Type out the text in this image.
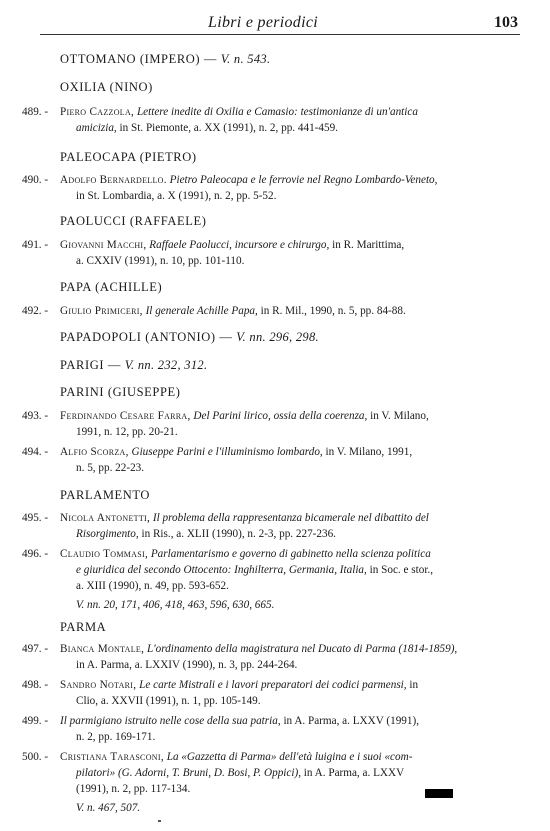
Libri e periodici	103
OTTOMANO (IMPERO) — V. n. 543.
OXILIA (NINO)
489. -	Piero Cazzola, Lettere inedite di Oxilia e Camasio: testimonianze di un'antica
amicizia, in St. Piemonte, a. XX (1991), n. 2, pp. 441-459.
PALEOCAPA (PIETRO)
490. -	Adolfo Bernardello. Pietro Paleocapa e le ferrovie nel Regno Lombardo-Veneto,
in St. Lombardia, a. X (1991), n. 2, pp. 5-52.
PAOLUCCI (RAFFAELE)
491. -	Giovanni Macchi, Raffaele Paolucci, incursore e chirurgo, in R. Marittima,
a. CXXIV (1991), n. 10, pp. 101-110.
PAPA (ACHILLE)
492. -	Giulio Primiceri, Il generale Achille Papa, in R. Mil., 1990, n. 5, pp. 84-88.
PAPADOPOLI (ANTONIO) — V. nn. 296, 298.
PARIGI — V. nn. 232, 312.
PARINI (GIUSEPPE)
493. -	Ferdinando Cesare Farra, Del Parini lirico, ossia della coerenza, in V. Milano,
1991, n. 12, pp. 20-21.
494. -	Alfio Scorza, Giuseppe Parini e l'illuminismo lombardo, in V. Milano, 1991,
n. 5, pp. 22-23.
PARLAMENTO
495. -	Nicola Antonetti, Il problema della rappresentanza bicamerale nel dibattito del
Risorgimento, in Ris., a. XLII (1990), n. 2-3, pp. 227-236.
496. -	Claudio Tommasi, Parlamentarismo e governo di gabinetto nella scienza politica
e giuridica del secondo Ottocento: Inghilterra, Germania, Italia, in Soc. e stor.,
a. XIII (1990), n. 49, pp. 593-652.
V. nn. 20, 171, 406, 418, 463, 596, 630, 665.
PARMA
497. -	Bianca Montale, L'ordinamento della magistratura nel Ducato di Parma (1814-1859),
in A. Parma, a. LXXIV (1990), n. 3, pp. 244-264.
498. -	Sandro Notari, Le carte Mistrali e i lavori preparatori dei codici parmensi, in
Clio, a. XXVII (1991), n. 1, pp. 105-149.
499. -	Il parmigiano istruito nelle cose della sua patria, in A. Parma, a. LXXV (1991),
n. 2, pp. 169-171.
500. -	Cristiana Tarasconi, La «Gazzetta di Parma» dell'età luigina e i suoi «com-
pilatori» (G. Adorni, T. Bruni, D. Bosi, P. Oppici), in A. Parma, a. LXXV
(1991), n. 2, pp. 117-134.
V. n. 467, 507.
